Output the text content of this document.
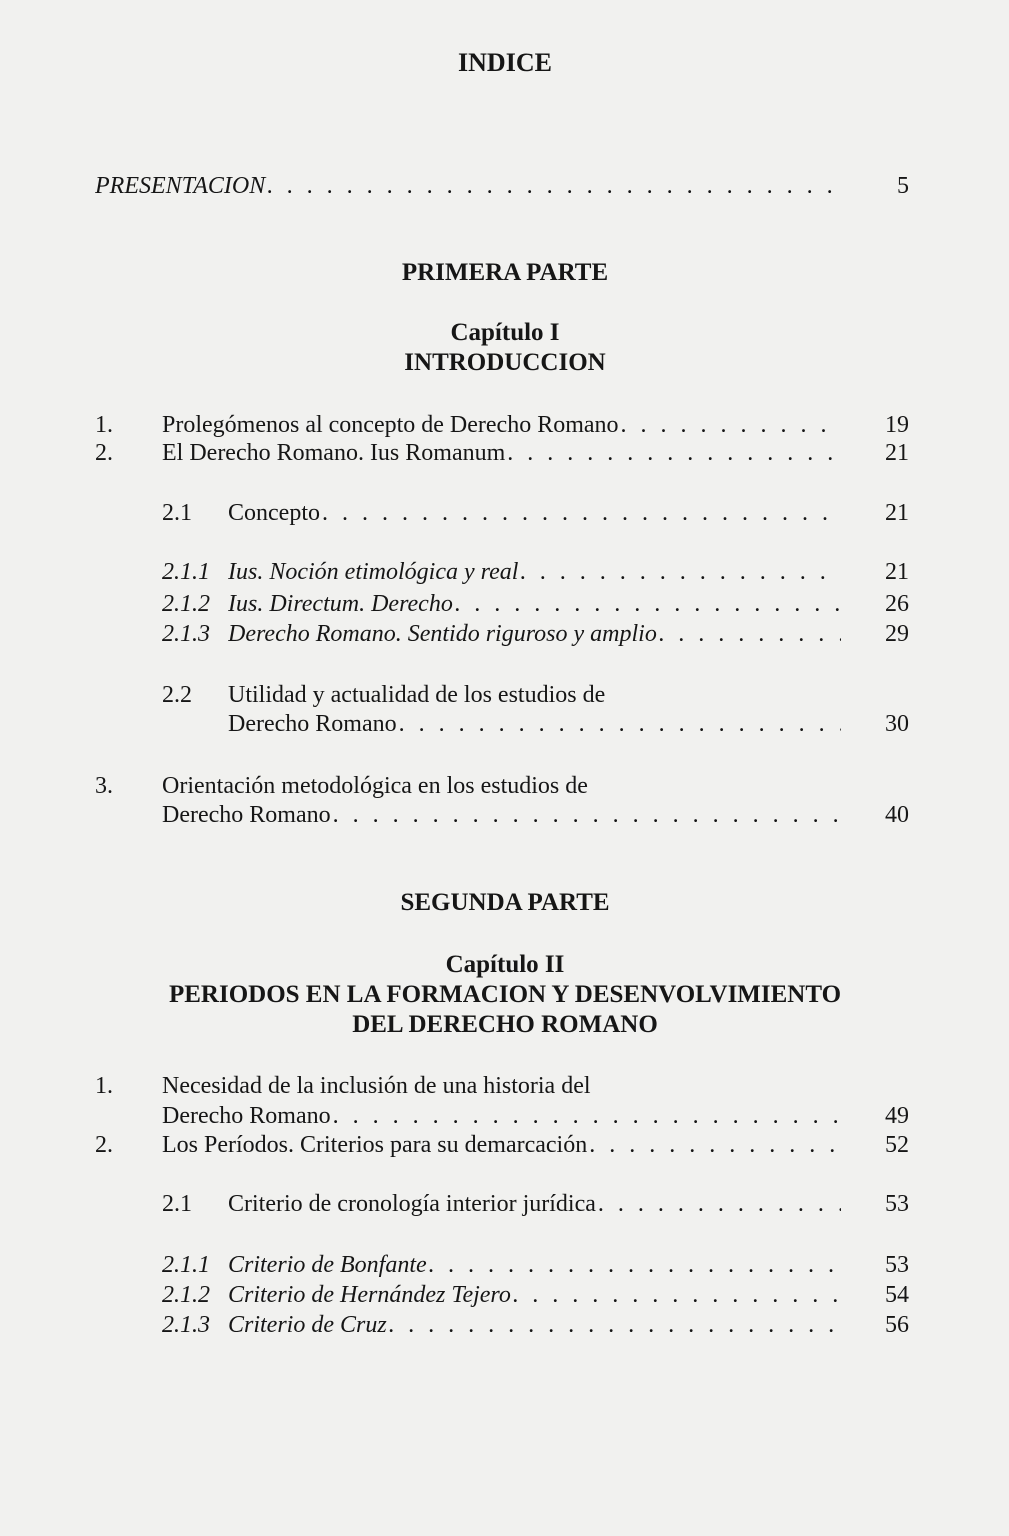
INDICE
PRESENTACION . . .	5
PRIMERA PARTE
Capítulo I
INTRODUCCION
1. Prolegómenos al concepto de Derecho Romano . . .	19
2. El Derecho Romano. Ius Romanum . . .	21
2.1 Concepto . . .	21
2.1.1 Ius. Noción etimológica y real . . .	21
2.1.2 Ius. Directum. Derecho . . .	26
2.1.3 Derecho Romano. Sentido riguroso y amplio . . .	29
2.2 Utilidad y actualidad de los estudios de
Derecho Romano . . .	30
3. Orientación metodológica en los estudios de
Derecho Romano . . .	40
SEGUNDA PARTE
Capítulo II
PERIODOS EN LA FORMACION Y DESENVOLVIMIENTO
DEL DERECHO ROMANO
1. Necesidad de la inclusión de una historia del
Derecho Romano . . .	49
2. Los Períodos. Criterios para su demarcación . . .	52
2.1 Criterio de cronología interior jurídica . . .	53
2.1.1 Criterio de Bonfante . . .	53
2.1.2 Criterio de Hernández Tejero . . .	54
2.1.3 Criterio de Cruz . . .	56
